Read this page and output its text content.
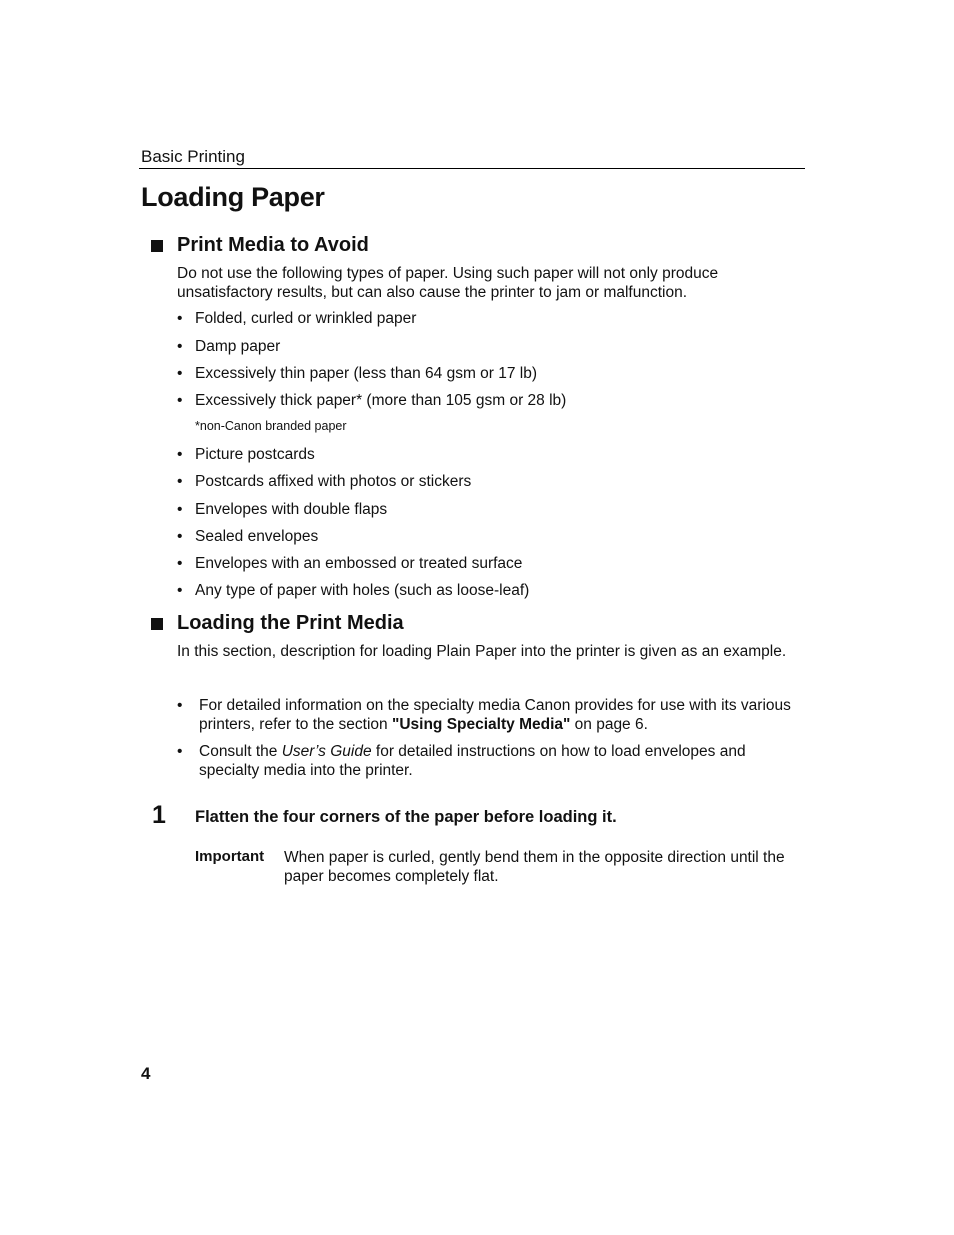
Basic Printing
Loading Paper
Print Media to Avoid
Do not use the following types of paper. Using such paper will not only produce unsatisfactory results, but can also cause the printer to jam or malfunction.
• Folded, curled or wrinkled paper
• Damp paper
• Excessively thin paper (less than 64 gsm or 17 lb)
• Excessively thick paper* (more than 105 gsm or 28 lb)
• Picture postcards
• Postcards affixed with photos or stickers
• Envelopes with double flaps
• Sealed envelopes
• Envelopes with an embossed or treated surface
• Any type of paper with holes (such as loose-leaf)
*non-Canon branded paper
Loading the Print Media
In this section, description for loading Plain Paper into the printer is given as an example.
• For detailed information on the specialty media Canon provides for use with its various printers, refer to the section "Using Specialty Media" on page 6.
• Consult the User’s Guide for detailed instructions on how to load envelopes and specialty media into the printer.
1 Flatten the four corners of the paper before loading it.
Important When paper is curled, gently bend them in the opposite direction until the paper becomes completely flat.
4
